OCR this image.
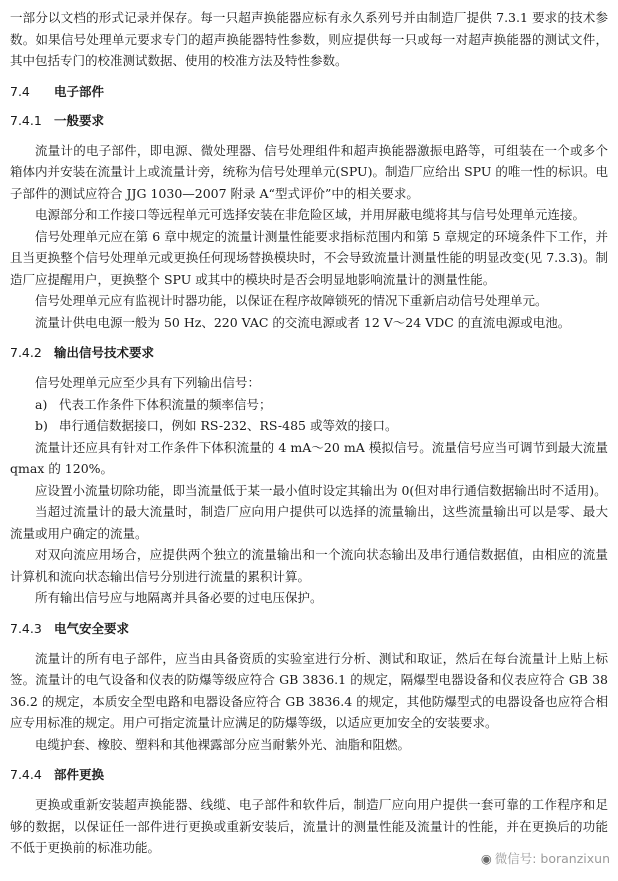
一部分以文档的形式记录并保存。每一只超声换能器应标有永久系列号并由制造厂提供 7.3.1 要求的技术参数。如果信号处理单元要求专门的超声换能器特性参数，则应提供每一只或每一对超声换能器的测试文件，其中包括专门的校准测试数据、使用的校准方法及特性参数。

7.4 电子部件
7.4.1 一般要求

流量计的电子部件，即电源、微处理器、信号处理组件和超声换能器激振电路等，可组装在一个或多个箱体内并安装在流量计上或流量计旁，统称为信号处理单元(SPU)。制造厂应给出 SPU 的唯一性的标识。电子部件的测试应符合 JJG 1030—2007 附录 A“型式评价”中的相关要求。

电源部分和工作接口等远程单元可选择安装在非危险区域，并用屏蔽电缆将其与信号处理单元连接。

信号处理单元应在第 6 章中规定的流量计测量性能要求指标范围内和第 5 章规定的环境条件下工作，并且当更换整个信号处理单元或更换任何现场替换模块时，不会导致流量计测量性能的明显改变(见 7.3.3)。制造厂应提醒用户，更换整个 SPU 或其中的模块时是否会明显地影响流量计的测量性能。

信号处理单元应有监视计时器功能，以保证在程序故障锁死的情况下重新启动信号处理单元。

流量计供电电源一般为 50 Hz、220 VAC 的交流电源或者 12 V～24 VDC 的直流电源或电池。

7.4.2 输出信号技术要求

信号处理单元应至少具有下列输出信号：

a) 代表工作条件下体积流量的频率信号；

b) 串行通信数据接口，例如 RS-232、RS-485 或等效的接口。

流量计还应具有针对工作条件下体积流量的 4 mA～20 mA 模拟信号。流量信号应当可调节到最大流量 qmax 的 120%。

应设置小流量切除功能，即当流量低于某一最小值时设定其输出为 0(但对串行通信数据输出时不适用)。

当超过流量计的最大流量时，制造厂应向用户提供可以选择的流量输出，这些流量输出可以是零、最大流量或用户确定的流量。

对双向流应用场合，应提供两个独立的流量输出和一个流向状态输出及串行通信数据值，由相应的流量计算机和流向状态输出信号分别进行流量的累积计算。

所有输出信号应与地隔离并具备必要的过电压保护。

7.4.3 电气安全要求

流量计的所有电子部件，应当由具备资质的实验室进行分析、测试和取证，然后在每台流量计上贴上标签。流量计的电气设备和仪表的防爆等级应符合 GB 3836.1 的规定，隔爆型电器设备和仪表应符合 GB 3836.2 的规定，本质安全型电路和电器设备应符合 GB 3836.4 的规定，其他防爆型式的电器设备也应符合相应专用标准的规定。用户可指定流量计应满足的防爆等级，以适应更加安全的安装要求。

电缆护套、橡胶、塑料和其他裸露部分应当耐紫外光、油脂和阻燃。

7.4.4 部件更换

更换或重新安装超声换能器、线缆、电子部件和软件后，制造厂应向用户提供一套可靠的工作程序和足够的数据，以保证任一部件进行更换或重新安装后，流量计的测量性能及流量计的性能，并在更换后的功能不低于更换前的标准功能。

◉ 微信号: boranzixun
